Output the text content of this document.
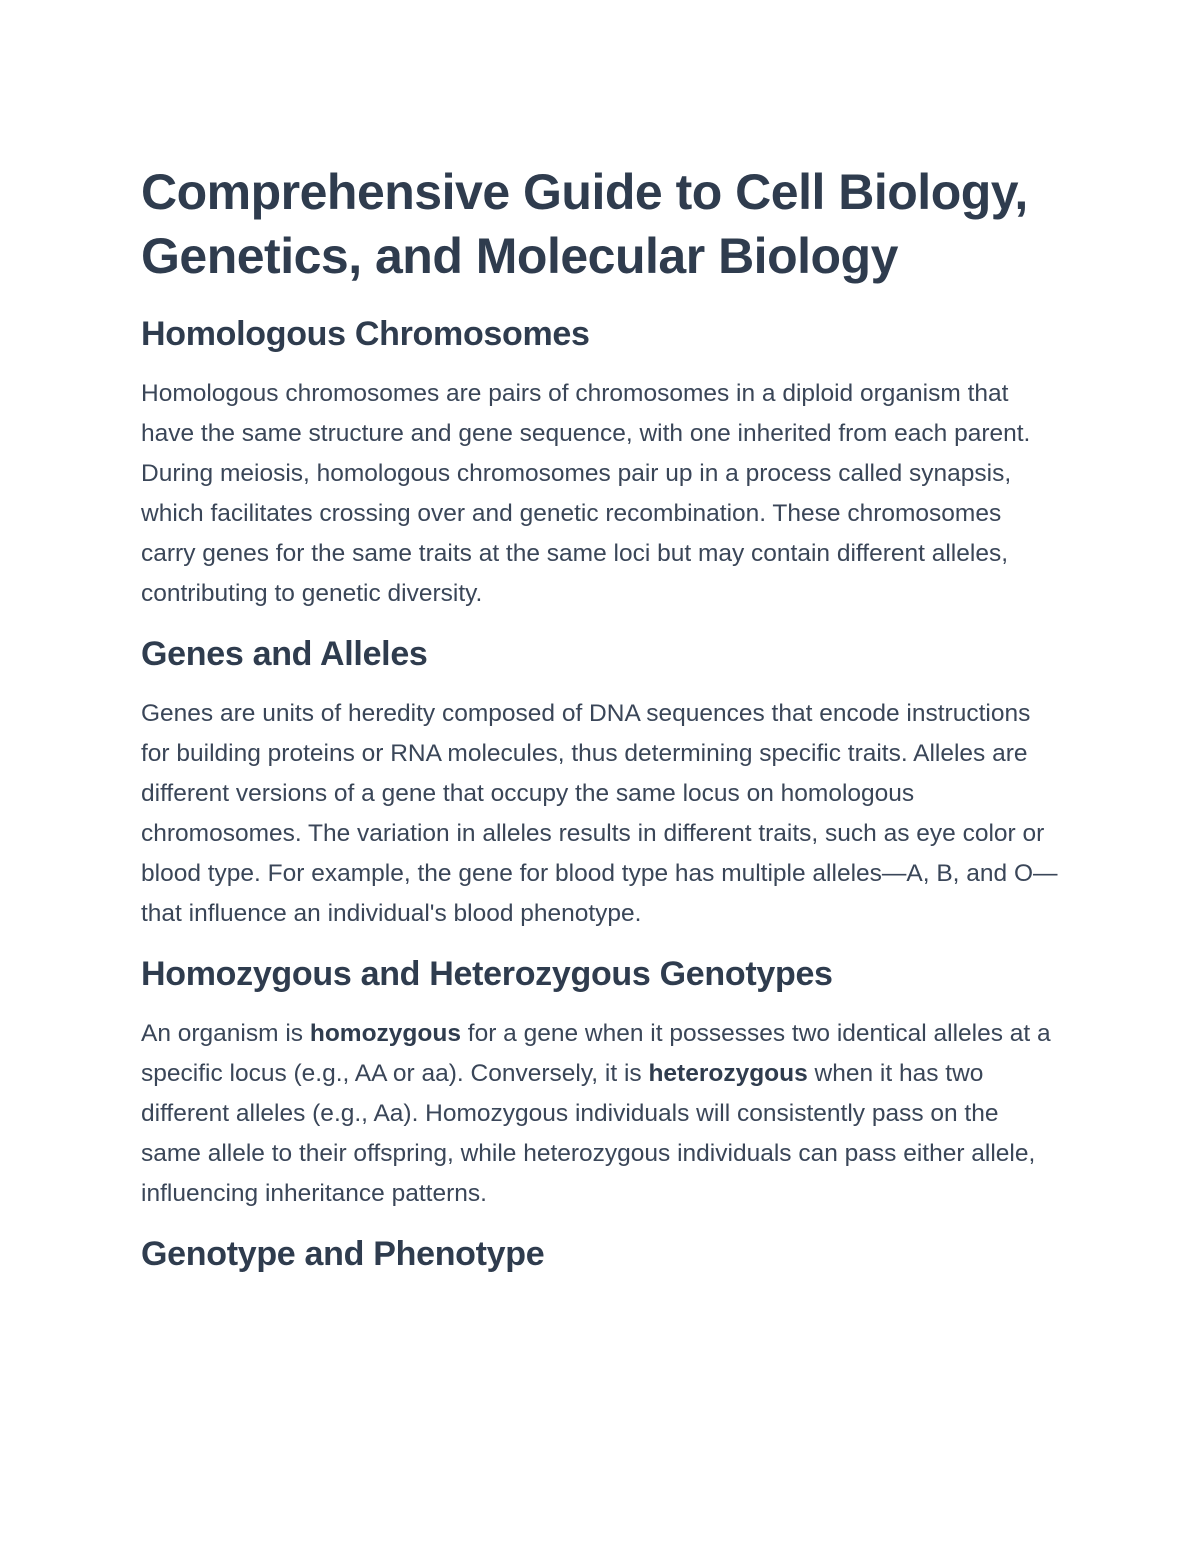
Comprehensive Guide to Cell Biology, Genetics, and Molecular Biology
Homologous Chromosomes

Homologous chromosomes are pairs of chromosomes in a diploid organism that have the same structure and gene sequence, with one inherited from each parent. During meiosis, homologous chromosomes pair up in a process called synapsis, which facilitates crossing over and genetic recombination. These chromosomes carry genes for the same traits at the same loci but may contain different alleles, contributing to genetic diversity.

Genes and Alleles

Genes are units of heredity composed of DNA sequences that encode instructions for building proteins or RNA molecules, thus determining specific traits. Alleles are different versions of a gene that occupy the same locus on homologous chromosomes. The variation in alleles results in different traits, such as eye color or blood type. For example, the gene for blood type has multiple alleles—A, B, and O—that influence an individual's blood phenotype.

Homozygous and Heterozygous Genotypes

An organism is homozygous for a gene when it possesses two identical alleles at a specific locus (e.g., AA or aa). Conversely, it is heterozygous when it has two different alleles (e.g., Aa). Homozygous individuals will consistently pass on the same allele to their offspring, while heterozygous individuals can pass either allele, influencing inheritance patterns.

Genotype and Phenotype
